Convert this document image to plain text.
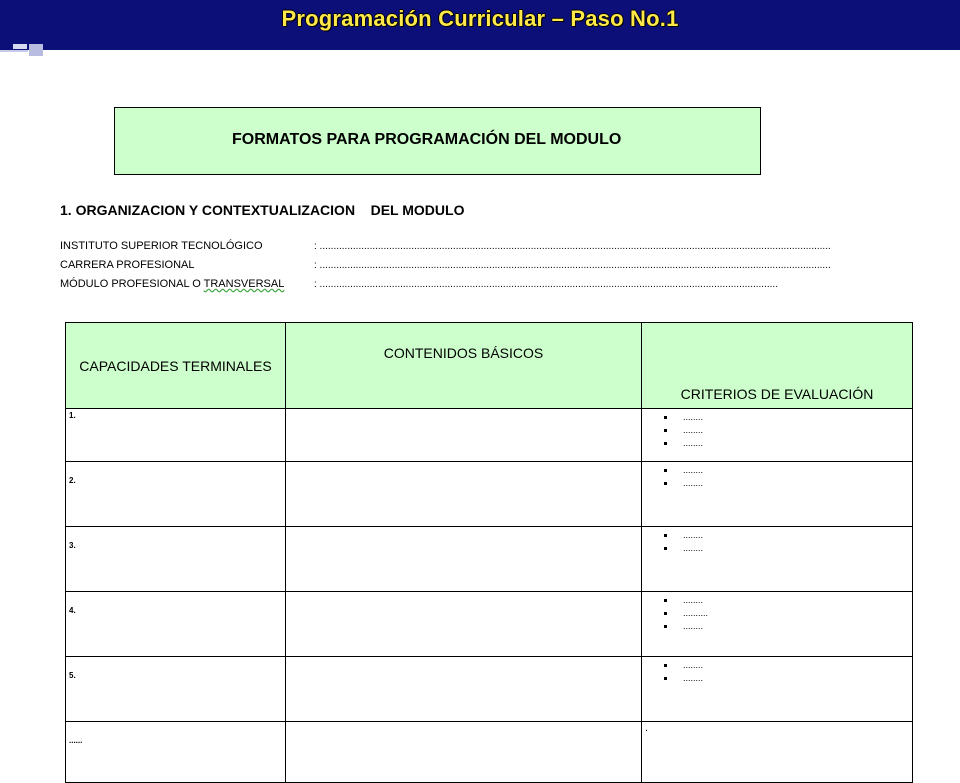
Programación Curricular – Paso No.1
FORMATOS PARA PROGRAMACIÓN DEL MODULO
1. ORGANIZACION Y CONTEXTUALIZACION    DEL MODULO
INSTITUTO SUPERIOR TECNOLÓGICO	: ........................................................................................................................................................................................
CARRERA PROFESIONAL	: ........................................................................................................................................................................................
MÓDULO PROFESIONAL O TRANSVERSAL	: .....................................................................................................................................................................
CAPACIDADES TERMINALES	CONTENIDOS BÁSICOS	CRITERIOS DE EVALUACIÓN
1.		........
........
........

2.		........
........

3.		........
........

4.		........
..........
........

5.		........
........

......		.
